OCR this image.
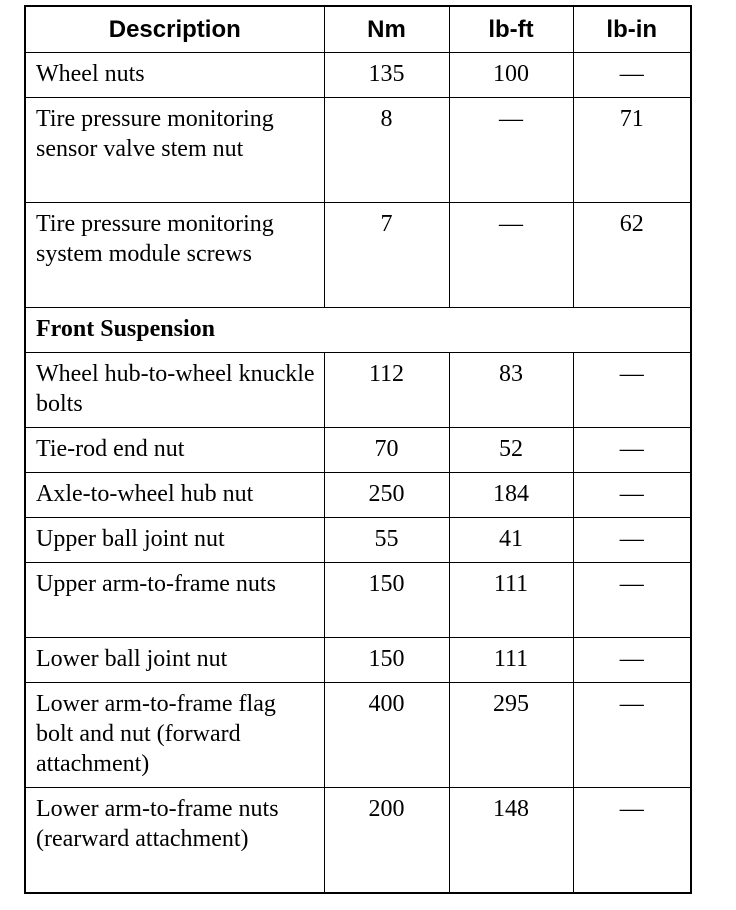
Description	Nm	lb-ft	lb-in
Wheel nuts	135	100	—
Tire pressure monitoring sensor valve stem nut	8	—	71
Tire pressure monitoring system module screws	7	—	62
Front Suspension			
Wheel hub-to-wheel knuckle bolts	112	83	—
Tie-rod end nut	70	52	—
Axle-to-wheel hub nut	250	184	—
Upper ball joint nut	55	41	—
Upper arm-to-frame nuts	150	111	—
Lower ball joint nut	150	111	—
Lower arm-to-frame flag bolt and nut (forward attachment)	400	295	—
Lower arm-to-frame nuts (rearward attachment)	200	148	—
